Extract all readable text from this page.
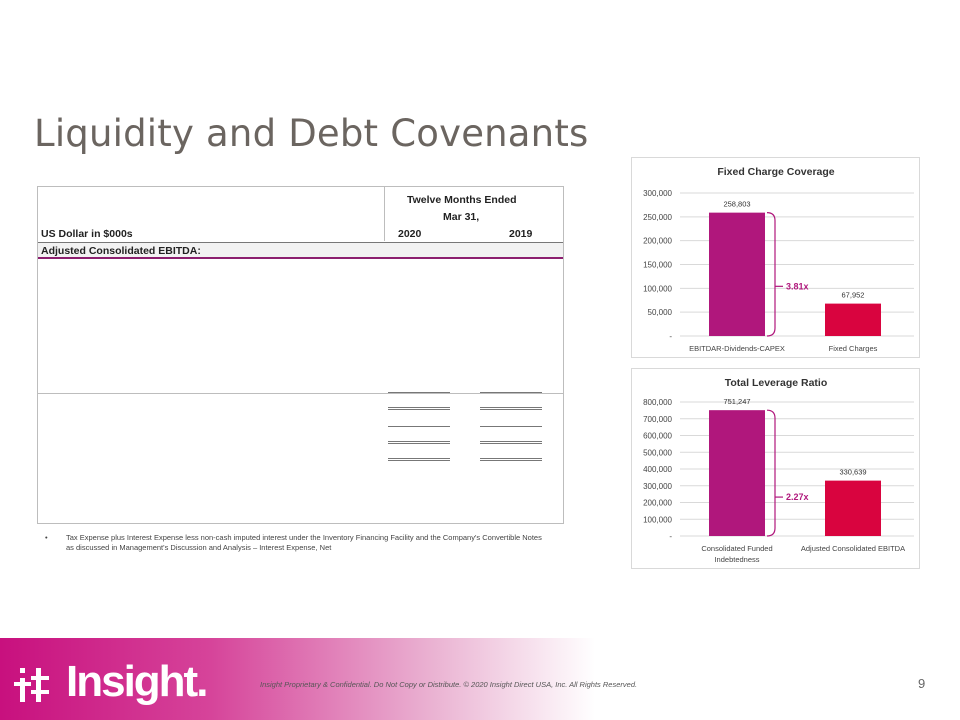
Liquidity and Debt Covenants
Twelve Months Ended
Mar 31,
US Dollar in $000s	2020	2019
Adjusted Consolidated EBITDA:
• Tax Expense plus Interest Expense less non-cash imputed interest under the Inventory Financing Facility and the Company's Convertible Notes as discussed in Management's Discussion and Analysis – Interest Expense, Net
Fixed Charge Coverage
-
50,000
100,000
150,000
200,000
250,000
300,000
258,803
EBITDAR-Dividends-CAPEX
67,952
Fixed Charges
3.81x
Total Leverage Ratio
-
100,000
200,000
300,000
400,000
500,000
600,000
700,000
800,000	751,247
Consolidated Funded
Indebtedness
330,639
Adjusted Consolidated EBITDA
2.27x
Insight.	Insight Proprietary & Confidential. Do Not Copy or Distribute. © 2020 Insight Direct USA, Inc. All Rights Reserved.	9
